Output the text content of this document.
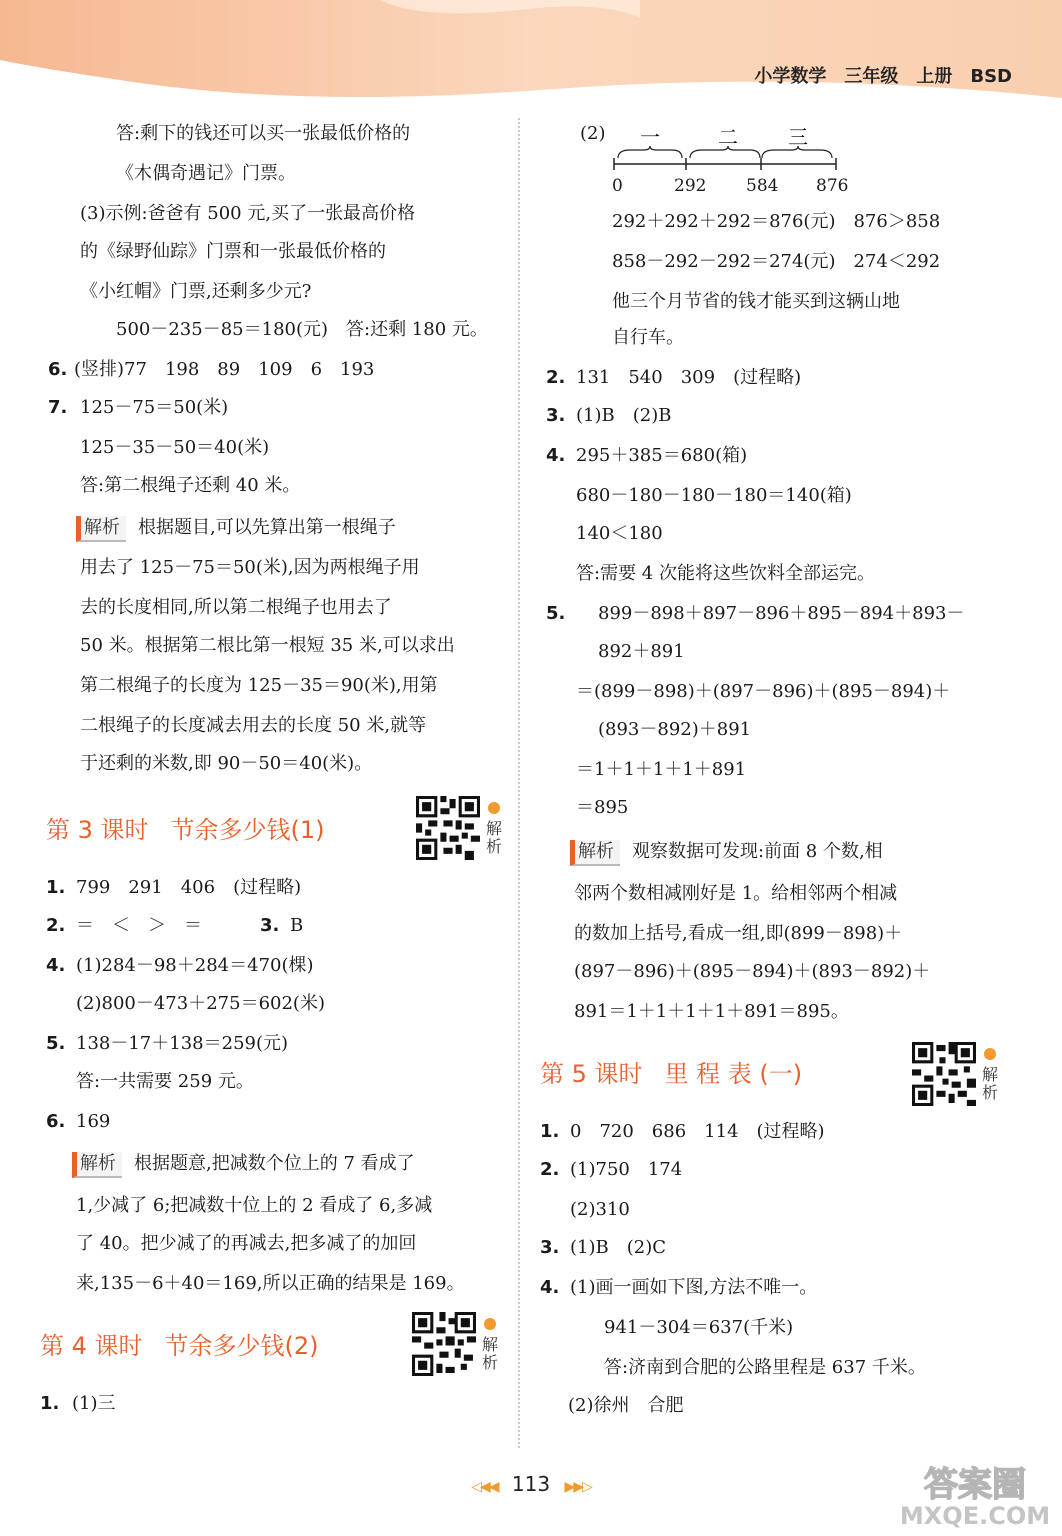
小学数学　三年级　上册　BSD
答:剩下的钱还可以买一张最低价格的
《木偶奇遇记》门票。
(3)示例:爸爸有 500 元,买了一张最高价格
的《绿野仙踪》门票和一张最低价格的
《小红帽》门票,还剩多少元?
500－235－85＝180(元)　答:还剩 180 元。
6. (竖排)77　198　89　109　6　193
7. 125－75＝50(米)
125－35－50＝40(米)
答:第二根绳子还剩 40 米。
解析 根据题目,可以先算出第一根绳子
用去了 125－75＝50(米),因为两根绳子用
去的长度相同,所以第二根绳子也用去了
50 米。根据第二根比第一根短 35 米,可以求出
第二根绳子的长度为 125－35＝90(米),用第
二根绳子的长度减去用去的长度 50 米,就等
于还剩的米数,即 90－50＝40(米)。
第 3 课时 节余多少钱(1)	解析
1. 799　291　406　(过程略)
2. ＝　＜　＞　＝	3. B
4. (1)284－98＋284＝470(棵)
(2)800－473＋275＝602(米)
5. 138－17＋138＝259(元)
答:一共需要 259 元。
6. 169
解析 根据题意,把减数个位上的 7 看成了
1,少减了 6;把减数十位上的 2 看成了 6,多减
了 40。把少减了的再减去,把多减了的加回
来,135－6＋40＝169,所以正确的结果是 169。
第 4 课时 节余多少钱(2)	解析
1. (1)三
(2) 一	二	三
0	292 584 876
292＋292＋292＝876(元)　876＞858
858－292－292＝274(元)　274＜292
他三个月节省的钱才能买到这辆山地
自行车。
2. 131　540　309　(过程略)
3. (1)B　(2)B
4. 295＋385＝680(箱)
680－180－180－180＝140(箱)
140＜180
答:需要 4 次能将这些饮料全部运完。
5. 899－898＋897－896＋895－894＋893－
892＋891
＝(899－898)＋(897－896)＋(895－894)＋
(893－892)＋891
＝1＋1＋1＋1＋891
＝895
解析 观察数据可发现:前面 8 个数,相
邻两个数相减刚好是 1。给相邻两个相减
的数加上括号,看成一组,即(899－898)＋
(897－896)＋(895－894)＋(893－892)＋
891＝1＋1＋1＋1＋891＝895。
第 5 课时 里 程 表 (一)	解析
1. 0　720　686　114　(过程略)
2. (1)750　174
(2)310
3. (1)B　(2)C
4. (1)画一画如下图,方法不唯一。
941－304＝637(千米)
答:济南到合肥的公路里程是 637 千米。
(2)徐州　合肥
◁◀◀ 113 ▶▶▷	答案圈
MXQE.COM
